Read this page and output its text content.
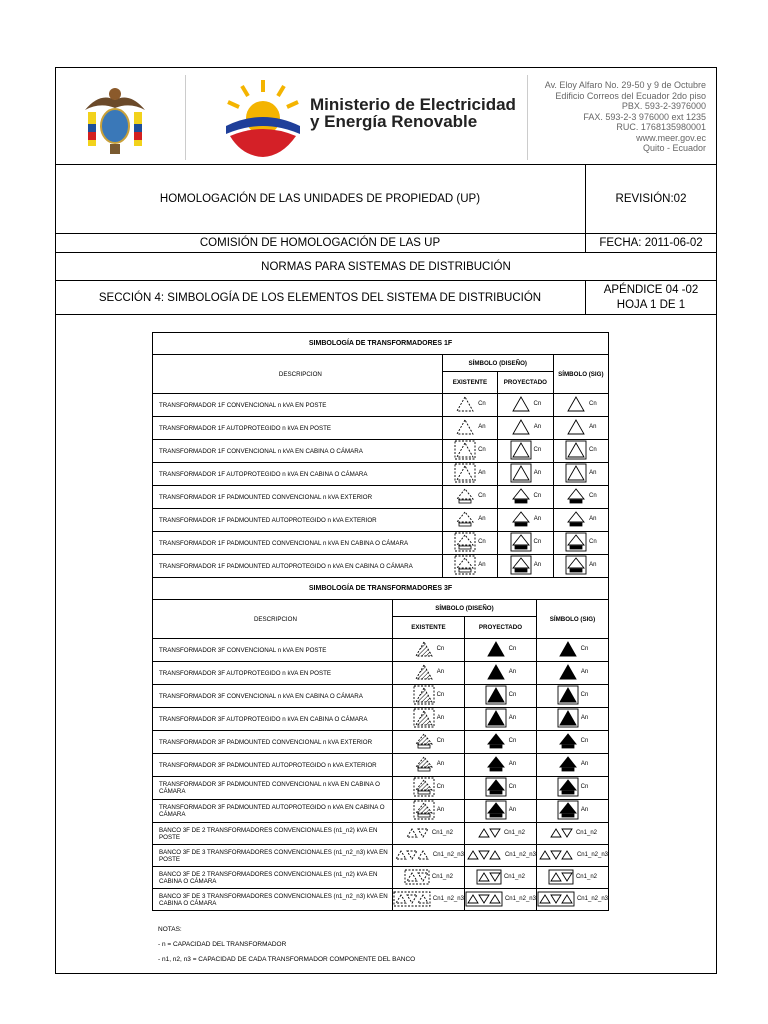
Ministerio de Electricidad
y Energía Renovable
Av. Eloy Alfaro No. 29-50 y 9 de Octubre
Edificio Correos del Ecuador 2do piso
PBX. 593-2-3976000
FAX. 593-2-3 976000 ext 1235
RUC. 1768135980001
www.meer.gov.ec
Quito - Ecuador
HOMOLOGACIÓN DE LAS UNIDADES DE PROPIEDAD (UP)	REVISIÓN:02
COMISIÓN DE HOMOLOGACIÓN DE LAS UP	FECHA: 2011-06-02
NORMAS PARA SISTEMAS DE DISTRIBUCIÓN
SECCIÓN 4: SIMBOLOGÍA DE LOS ELEMENTOS DEL SISTEMA DE DISTRIBUCIÓN
APÉNDICE 04 -02
HOJA 1 DE 1
SIMBOLOGÍA DE TRANSFORMADORES 1F			
DESCRIPCION	SÍMBOLO (DISEÑO)		SÍMBOLO (SIG)
	EXISTENTE	PROYECTADO	
TRANSFORMADOR 1F CONVENCIONAL n kVA EN POSTE	Cn	Cn	Cn

TRANSFORMADOR 1F AUTOPROTEGIDO n kVA EN POSTE	An	An	An

TRANSFORMADOR 1F CONVENCIONAL n kVA EN CABINA O CÁMARA	Cn	Cn	Cn

TRANSFORMADOR 1F AUTOPROTEGIDO n kVA EN CABINA O CÁMARA	An	An	An

TRANSFORMADOR 1F PADMOUNTED CONVENCIONAL n kVA EXTERIOR	Cn	Cn	Cn

TRANSFORMADOR 1F PADMOUNTED AUTOPROTEGIDO n kVA EXTERIOR	An	An	An

TRANSFORMADOR 1F PADMOUNTED CONVENCIONAL n kVA EN CABINA O CÁMARA	Cn	Cn	Cn

TRANSFORMADOR 1F PADMOUNTED AUTOPROTEGIDO n kVA EN CABINA O CÁMARA	An	An	An
SIMBOLOGÍA DE TRANSFORMADORES 3F			
DESCRIPCION	SÍMBOLO (DISEÑO)		SÍMBOLO (SIG)
	EXISTENTE	PROYECTADO	
TRANSFORMADOR 3F CONVENCIONAL n kVA EN POSTE	Cn	Cn	Cn

TRANSFORMADOR 3F AUTOPROTEGIDO n kVA EN POSTE	An	An	An

TRANSFORMADOR 3F CONVENCIONAL n kVA EN CABINA O CÁMARA	Cn	Cn	Cn

TRANSFORMADOR 3F AUTOPROTEGIDO n kVA EN CABINA O CÁMARA	An	An	An

TRANSFORMADOR 3F PADMOUNTED CONVENCIONAL n kVA EXTERIOR	Cn	Cn	Cn

TRANSFORMADOR 3F PADMOUNTED AUTOPROTEGIDO n kVA EXTERIOR	An	An	An

TRANSFORMADOR 3F PADMOUNTED CONVENCIONAL n kVA EN CABINA O CÁMARA	Cn	Cn	Cn

TRANSFORMADOR 3F PADMOUNTED AUTOPROTEGIDO n kVA EN CABINA O CÁMARA	An	An	An

BANCO 3F DE 2 TRANSFORMADORES CONVENCIONALES (n1_n2) kVA EN POSTE	Cn1_n2	Cn1_n2	Cn1_n2

BANCO 3F DE 3 TRANSFORMADORES CONVENCIONALES (n1_n2_n3) kVA EN POSTE	Cn1_n2_n3	Cn1_n2_n3	Cn1_n2_n3

BANCO 3F DE 2 TRANSFORMADORES CONVENCIONALES (n1_n2) kVA EN CABINA O CÁMARA	Cn1_n2	Cn1_n2	Cn1_n2

BANCO 3F DE 3 TRANSFORMADORES CONVENCIONALES (n1_n2_n3) kVA EN CABINA O CÁMARA	Cn1_n2_n3	Cn1_n2_n3	Cn1_n2_n3
NOTAS:
- n = CAPACIDAD DEL TRANSFORMADOR
- n1, n2, n3 = CAPACIDAD DE CADA TRANSFORMADOR COMPONENTE DEL BANCO
